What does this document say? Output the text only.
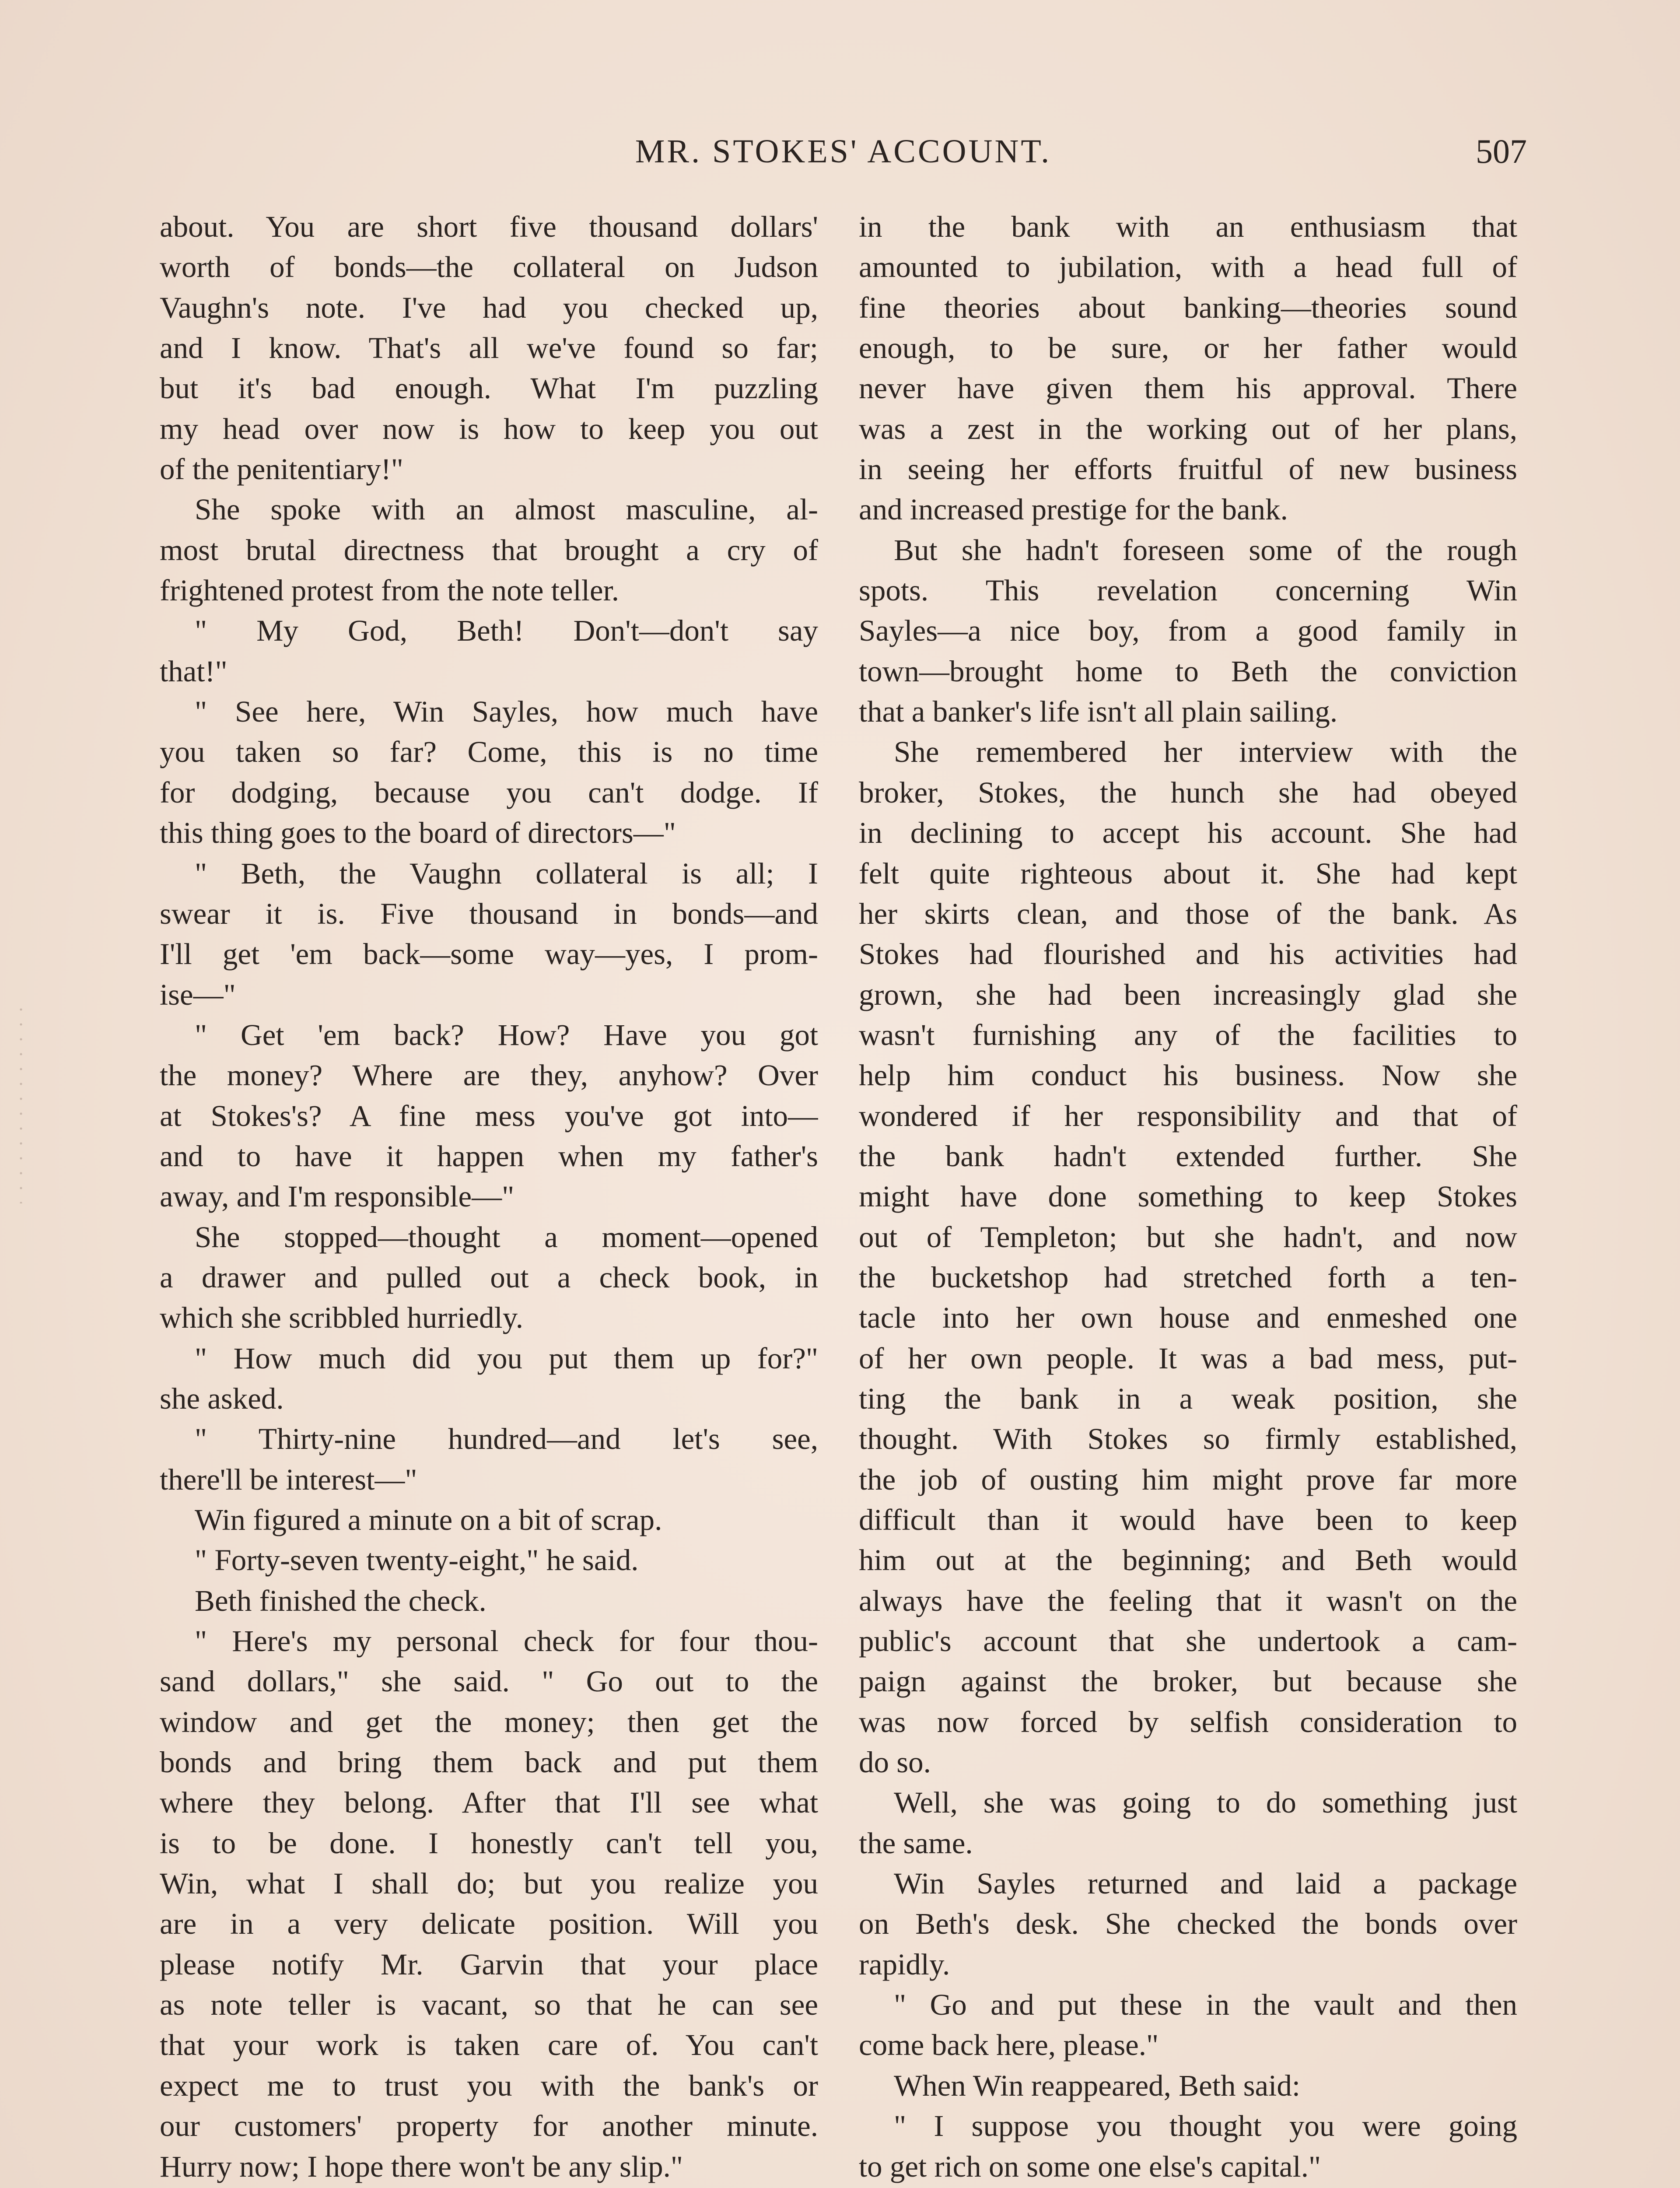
MR. STOKES' ACCOUNT.	507
about. You are short five thousand dollars'
worth of bonds—the collateral on Judson
Vaughn's note. I've had you checked up,
and I know. That's all we've found so far;
but it's bad enough. What I'm puzzling
my head over now is how to keep you out
of the penitentiary!"
She spoke with an almost masculine, al-
most brutal directness that brought a cry of
frightened protest from the note teller.
" My God, Beth! Don't—don't say
that!"
" See here, Win Sayles, how much have
you taken so far? Come, this is no time
for dodging, because you can't dodge. If
this thing goes to the board of directors—"
" Beth, the Vaughn collateral is all; I
swear it is. Five thousand in bonds—and
I'll get 'em back—some way—yes, I prom-
ise—"
" Get 'em back? How? Have you got
the money? Where are they, anyhow? Over
at Stokes's? A fine mess you've got into—
and to have it happen when my father's
away, and I'm responsible—"
She stopped—thought a moment—opened
a drawer and pulled out a check book, in
which she scribbled hurriedly.
" How much did you put them up for?"
she asked.
" Thirty-nine hundred—and let's see,
there'll be interest—"
Win figured a minute on a bit of scrap.
" Forty-seven twenty-eight," he said.
Beth finished the check.
" Here's my personal check for four thou-
sand dollars," she said. " Go out to the
window and get the money; then get the
bonds and bring them back and put them
where they belong. After that I'll see what
is to be done. I honestly can't tell you,
Win, what I shall do; but you realize you
are in a very delicate position. Will you
please notify Mr. Garvin that your place
as note teller is vacant, so that he can see
that your work is taken care of. You can't
expect me to trust you with the bank's or
our customers' property for another minute.
Hurry now; I hope there won't be any slip."
in the bank with an enthusiasm that
amounted to jubilation, with a head full of
fine theories about banking—theories sound
enough, to be sure, or her father would
never have given them his approval. There
was a zest in the working out of her plans,
in seeing her efforts fruitful of new business
and increased prestige for the bank.
But she hadn't foreseen some of the rough
spots. This revelation concerning Win
Sayles—a nice boy, from a good family in
town—brought home to Beth the conviction
that a banker's life isn't all plain sailing.
She remembered her interview with the
broker, Stokes, the hunch she had obeyed
in declining to accept his account. She had
felt quite righteous about it. She had kept
her skirts clean, and those of the bank. As
Stokes had flourished and his activities had
grown, she had been increasingly glad she
wasn't furnishing any of the facilities to
help him conduct his business. Now she
wondered if her responsibility and that of
the bank hadn't extended further. She
might have done something to keep Stokes
out of Templeton; but she hadn't, and now
the bucketshop had stretched forth a ten-
tacle into her own house and enmeshed one
of her own people. It was a bad mess, put-
ting the bank in a weak position, she
thought. With Stokes so firmly established,
the job of ousting him might prove far more
difficult than it would have been to keep
him out at the beginning; and Beth would
always have the feeling that it wasn't on the
public's account that she undertook a cam-
paign against the broker, but because she
was now forced by selfish consideration to
do so.
Well, she was going to do something just
the same.
Win Sayles returned and laid a package
on Beth's desk. She checked the bonds over
rapidly.
" Go and put these in the vault and then
come back here, please."
When Win reappeared, Beth said:
" I suppose you thought you were going
to get rich on some one else's capital."
